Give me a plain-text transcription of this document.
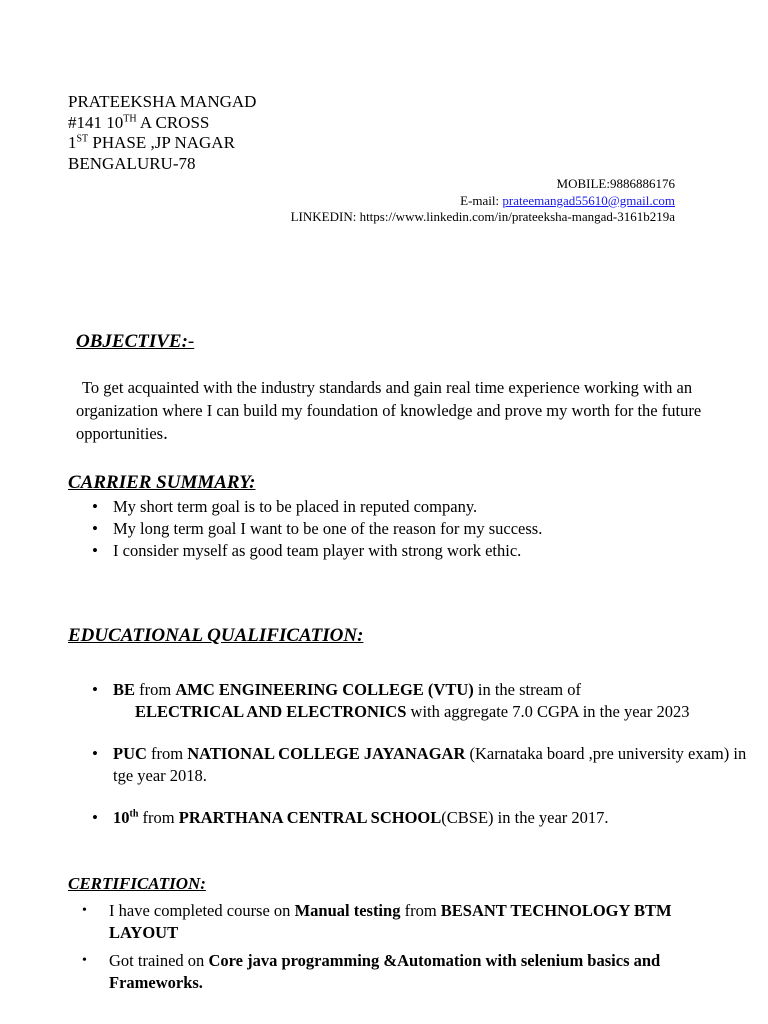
PRATEEKSHA MANGAD
#141 10TH A CROSS
1ST PHASE ,JP NAGAR
BENGALURU-78
MOBILE:9886886176
E-mail: prateemangad55610@gmail.com
LINKEDIN: https://www.linkedin.com/in/prateeksha-mangad-3161b219a
OBJECTIVE:-
To get acquainted with the industry standards and gain real time experience working with an organization where I can build my foundation of knowledge and prove my worth for the future opportunities.
CARRIER SUMMARY:
• My short term goal is to be placed in reputed company.
• My long term goal I want to be one of the reason for my success.
• I consider myself as good team player with strong work ethic.
EDUCATIONAL QUALIFICATION:
• BE from AMC ENGINEERING COLLEGE (VTU) in the stream of
ELECTRICAL AND ELECTRONICS with aggregate 7.0 CGPA in the year 2023
• PUC from NATIONAL COLLEGE JAYANAGAR (Karnataka board ,pre university exam) in tge year 2018.
• 10th from PRARTHANA CENTRAL SCHOOL(CBSE) in the year 2017.
CERTIFICATION:
• I have completed course on Manual testing from BESANT TECHNOLOGY BTM LAYOUT
• Got trained on Core java programming &Automation with selenium basics and Frameworks.
